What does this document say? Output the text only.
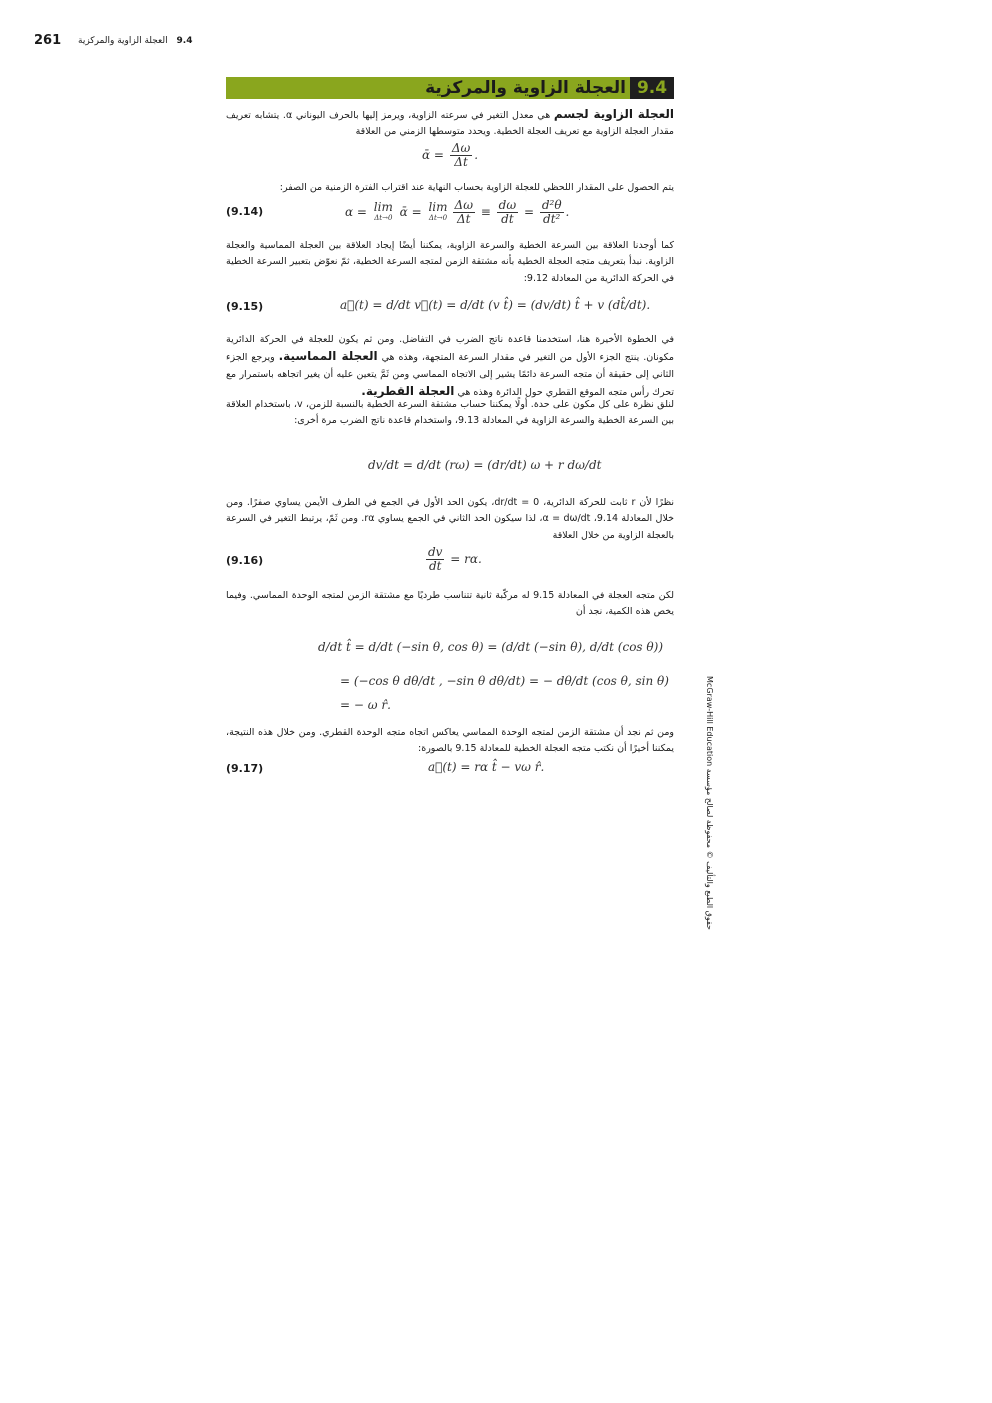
261	9.4 العجلة الزاوية والمركزية
العجلة الزاوية والمركزية 9.4

العجلة الزاوية لجسم هي معدل التغير في سرعته الزاوية، ويرمز إليها بالحرف اليوناني α. يتشابه تعريف مقدار العجلة الزاوية مع تعريف العجلة الخطية. ويحدد متوسطها الزمني من العلاقة

ᾱ = $\frac{\Delta\omega}{\Delta t}$ .

يتم الحصول على المقدار اللحظي للعجلة الزاوية بحساب النهاية عند اقتراب الفترة الزمنية من الصفر:

(9.14)	α = lim
Δt→0 ᾱ = lim
$\Delta t\to 0 \frac{\Delta\omega}{\Delta t} \equiv \frac{d\omega}{dt} = \frac{\text{d²θ}}{\text{dt²}}$ .

كما أوجدنا العلاقة بين السرعة الخطية والسرعة الزاوية، يمكننا أيضًا إيجاد العلاقة بين العجلة المماسية والعجلة الزاوية. نبدأ بتعريف متجه العجلة الخطية بأنه مشتقة الزمن لمتجه السرعة الخطية، ثمّ نعوّض بتعبير السرعة الخطية في الحركة الدائرية من المعادلة 9.12:

(9.15)	a⃗(t) = d/dt v⃗(t) = d/dt (v t̂) = (dv/dt) t̂ + v (dt̂/dt).

في الخطوة الأخيرة هنا، استخدمنا قاعدة ناتج الضرب في التفاضل. ومن ثم يكون للعجلة في الحركة الدائرية مكونان. ينتج الجزء الأول من التغير في مقدار السرعة المتجهة، وهذه هي العجلة المماسية. ويرجع الجزء الثاني إلى حقيقة أن متجه السرعة دائمًا يشير إلى الاتجاه المماسي ومن ثَمَّ يتعين عليه أن يغير اتجاهه باستمرار مع تحرك رأس متجه الموقع القطري حول الدائرة وهذه هي العجلة القطرية.

لنلق نظرة على كل مكون على حدة. أولًا يمكننا حساب مشتقة السرعة الخطية بالنسبة للزمن، v، باستخدام العلاقة بين السرعة الخطية والسرعة الزاوية في المعادلة 9.13، واستخدام قاعدة ناتج الضرب مرة أخرى:

dv/dt = d/dt (rω) = (dr/dt) ω + r dω/dt

نظرًا لأن r ثابت للحركة الدائرية، dr/dt = 0، يكون الحد الأول في الجمع في الطرف الأيمن يساوي صفرًا. ومن خلال المعادلة 9.14، α = dω/dt، لذا سيكون الحد الثاني في الجمع يساوي rα. ومن ثَمّ، يرتبط التغير في السرعة بالعجلة الزاوية من خلال العلاقة

(9.16)	$\frac{dv}{dt} = r\alpha$.

لكن متجه العجلة في المعادلة 9.15 له مركّبة ثانية تتناسب طرديًا مع مشتقة الزمن لمتجه الوحدة المماسي. وفيما يخص هذه الكمية، نجد أن

d/dt t̂ = d/dt (−sin θ, cos θ) = (d/dt (−sin θ), d/dt (cos θ))
= (−cos θ dθ/dt , −sin θ dθ/dt) = − dθ/dt (cos θ, sin θ)
= − ω r̂.

ومن ثم نجد أن مشتقة الزمن لمتجه الوحدة المماسي يعاكس اتجاه متجه الوحدة القطري. ومن خلال هذه النتيجة، يمكننا أخيرًا أن نكتب متجه العجلة الخطية للمعادلة 9.15 بالصورة:

(9.17)	a⃗(t) = rα t̂ − vω r̂.
حقوق الطبع والتأليف © محفوظة لصالح مؤسسة McGraw-Hill Education
